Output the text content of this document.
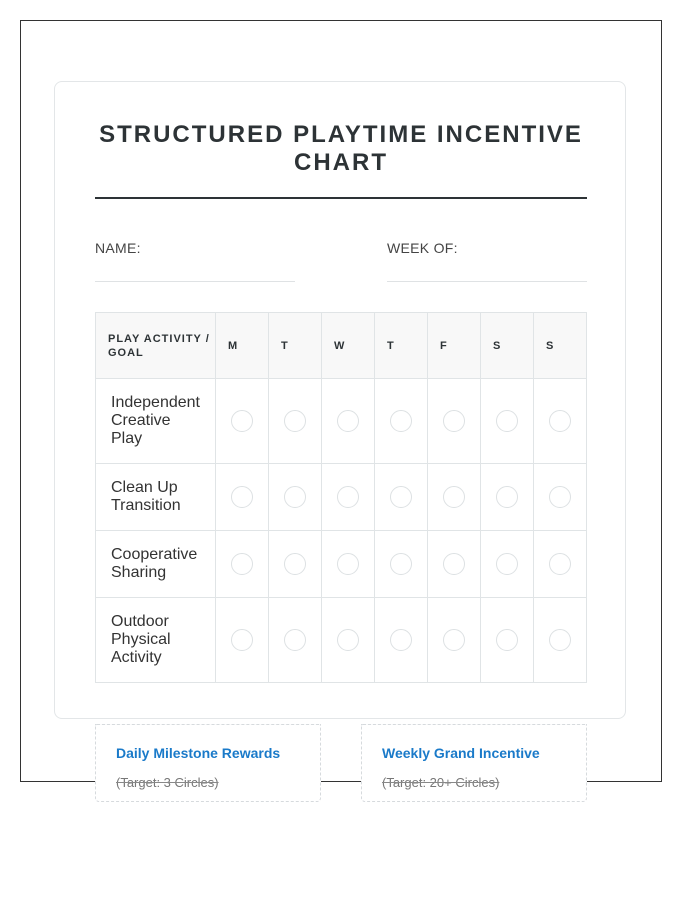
STRUCTURED PLAYTIME INCENTIVE CHART
NAME:	WEEK OF:
PLAY ACTIVITY / GOAL	M	T	W	T	F	S	S
Independent Creative Play							
Clean Up Transition							
Cooperative Sharing							
Outdoor Physical Activity							
Daily Milestone Rewards
(Target: 3 Circles)
Weekly Grand Incentive
(Target: 20+ Circles)
